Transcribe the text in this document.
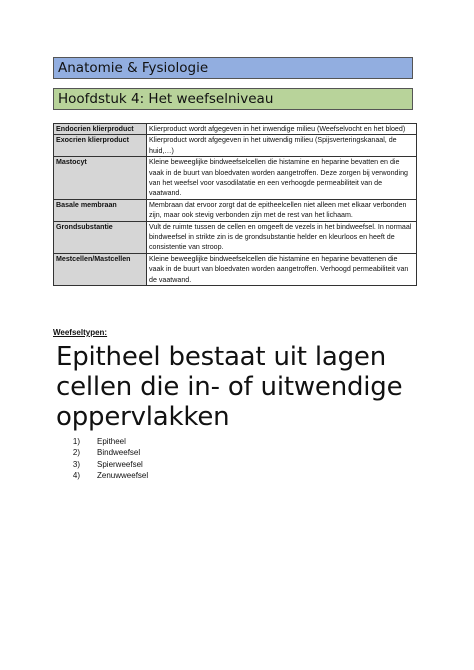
Anatomie & Fysiologie
Hoofdstuk 4: Het weefselniveau
Endocrien klierproduct	Klierproduct wordt afgegeven in het inwendige milieu (Weefselvocht en het bloed)
Exocrien klierproduct	Klierproduct wordt afgegeven in het uitwendig milieu (Spijsverteringskanaal, de huid,…)
Mastocyt	Kleine beweeglijke bindweefselcellen die histamine en heparine bevatten en die vaak in de buurt van bloedvaten worden aangetroffen. Deze zorgen bij verwonding van het weefsel voor vasodilatatie en een verhoogde permeabiliteit van de vaatwand.
Basale membraan	Membraan dat ervoor zorgt dat de epitheelcellen niet alleen met elkaar verbonden zijn, maar ook stevig verbonden zijn met de rest van het lichaam.
Grondsubstantie	Vult de ruimte tussen de cellen en omgeeft de vezels in het bindweefsel. In normaal bindweefsel in strikte zin is de grondsubstantie helder en kleurloos en heeft de consistentie van stroop.
Mestcellen/Mastcellen	Kleine beweeglijke bindweefselcellen die histamine en heparine bevattenen die vaak in de buurt van bloedvaten worden aangetroffen. Verhoogd permeabiliteit van de vaatwand.
Weefseltypen:
Epitheel bestaat uit lagen cellen die in- of uitwendige oppervlakken
1)	Epitheel
2)	Bindweefsel
3)	Spierweefsel
4)	Zenuwweefsel
